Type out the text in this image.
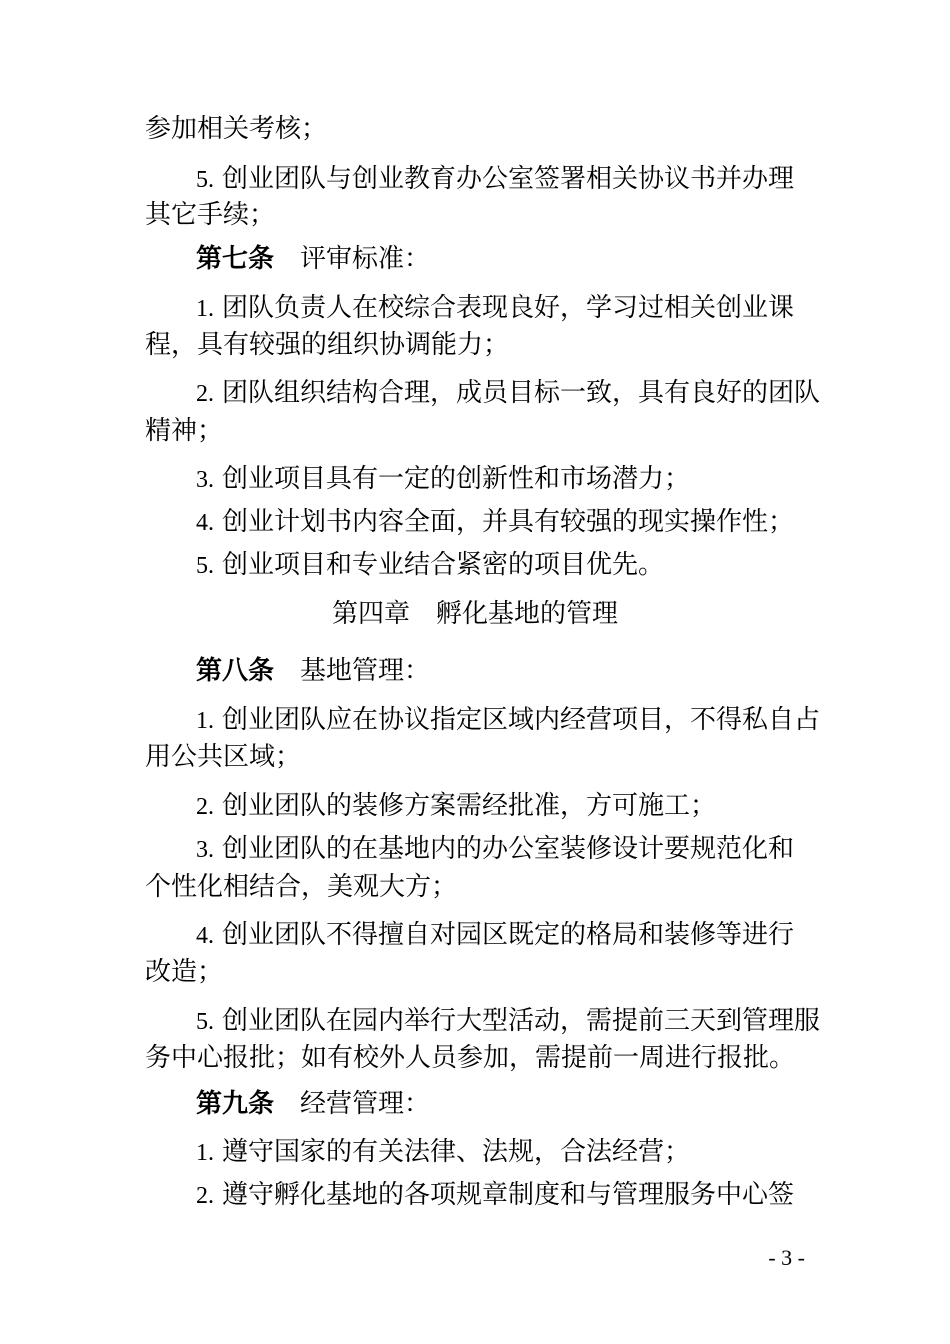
参加相关考核；
5. 创业团队与创业教育办公室签署相关协议书并办理
其它手续；
第七条 评审标准：
1. 团队负责人在校综合表现良好，学习过相关创业课
程，具有较强的组织协调能力；
2. 团队组织结构合理，成员目标一致，具有良好的团队
精神；
3. 创业项目具有一定的创新性和市场潜力；
4. 创业计划书内容全面，并具有较强的现实操作性；
5. 创业项目和专业结合紧密的项目优先。
第四章 孵化基地的管理
第八条 基地管理：
1. 创业团队应在协议指定区域内经营项目，不得私自占
用公共区域；
2. 创业团队的装修方案需经批准，方可施工；
3. 创业团队的在基地内的办公室装修设计要规范化和
个性化相结合，美观大方；
4. 创业团队不得擅自对园区既定的格局和装修等进行
改造；
5. 创业团队在园内举行大型活动，需提前三天到管理服
务中心报批；如有校外人员参加，需提前一周进行报批。
第九条 经营管理：
1. 遵守国家的有关法律、法规，合法经营；
2. 遵守孵化基地的各项规章制度和与管理服务中心签
- 3 -
